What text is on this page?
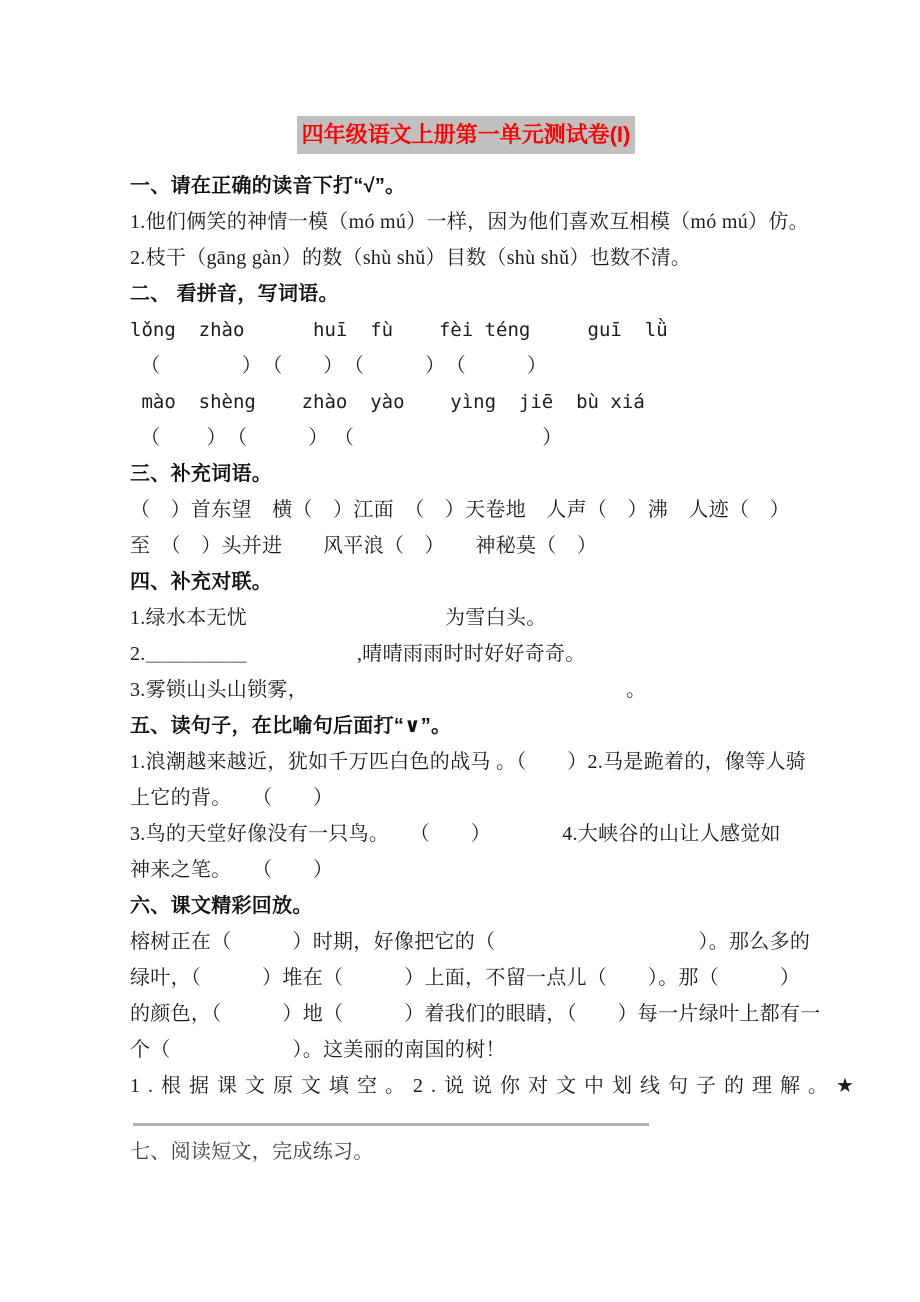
四年级语文上册第一单元测试卷(I)
一、请在正确的读音下打“√”。
1.他们俩笑的神情一模（mó mú）一样，因为他们喜欢互相模（mó mú）仿。
2.枝干（gāng gàn）的数（shù shǔ）目数（shù shǔ）也数不清。
二、 看拼音，写词语。
lǒng  zhào      huī  fù    fèi téng     guī  lǜ
　（　　　　）　（　　）　（　　　）　（　　　）
mào  shèng    zhào  yào    yìng  jiē  bù xiá
　（　　 ）　（　　　） （　　　　　　　　　 ）
三、补充词语。
（　）首东望　横（　）江面　（　）天卷地　人声（　）沸　人迹（　）
至　（　）头并进　　风平浪（　）　　神秘莫（　）
四、补充对联。
1.绿水本无忧	为雪白头。
2.＿＿＿＿＿	,晴晴雨雨时时好好奇奇。
3.雾锁山头山锁雾，	。
五、读句子，在比喻句后面打“∨”。
1.浪潮越来越近，犹如千万匹白色的战马 。（　　）2.马是跪着的，像等人骑
上它的背。　　（　　）
3.鸟的天堂好像没有一只鸟。　　（　　）　　　　4.大峡谷的山让人感觉如
神来之笔。　　（　　）
六、课文精彩回放。
榕树正在（　　　）时期，好像把它的（　　　　　　　　　　）。那么多的
绿叶，（　　　）堆在（　　　）上面，不留一点儿（　　）。那（　　　）
的颜色，（　　　）地（　　　）着我们的眼睛，（　　）每一片绿叶上都有一
个（　　　　　　）。这美丽的南国的树！
1.根据课文原文填空。2.说说你对文中划线句子的理解。★
七、阅读短文，完成练习。
